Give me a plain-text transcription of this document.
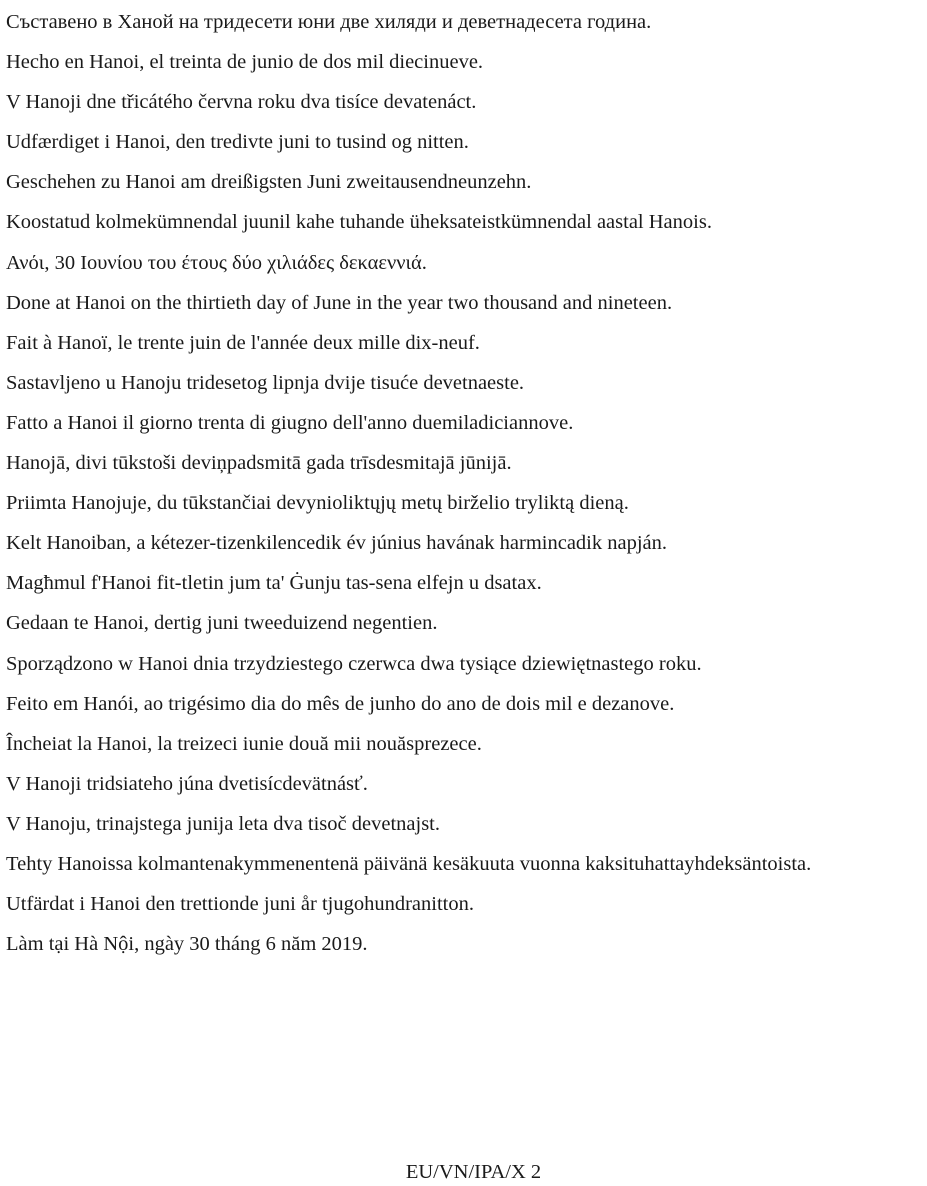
Съставено в Ханой на тридесети юни две хиляди и деветнадесета година.
Hecho en Hanoi, el treinta de junio de dos mil diecinueve.
V Hanoji dne třicátého června roku dva tisíce devatenáct.
Udfærdiget i Hanoi, den tredivte juni to tusind og nitten.
Geschehen zu Hanoi am dreißigsten Juni zweitausendneunzehn.
Koostatud kolmekümnendal juunil kahe tuhande üheksateistkümnendal aastal Hanois.
Ανόι, 30 Ιουνίου του έτους δύο χιλιάδες δεκαεννιά.
Done at Hanoi on the thirtieth day of June in the year two thousand and nineteen.
Fait à Hanoï, le trente juin de l'année deux mille dix-neuf.
Sastavljeno u Hanoju tridesetog lipnja dvije tisuće devetnaeste.
Fatto a Hanoi il giorno trenta di giugno dell'anno duemiladiciannove.
Hanojā, divi tūkstoši deviņpadsmitā gada trīsdesmitajā jūnijā.
Priimta Hanojuje, du tūkstančiai devynioliktųjų metų birželio tryliktą dieną.
Kelt Hanoiban, a kétezer-tizenkilencedik év június havának harmincadik napján.
Magħmul f'Hanoi fit-tletin jum ta' Ġunju tas-sena elfejn u dsatax.
Gedaan te Hanoi, dertig juni tweeduizend negentien.
Sporządzono w Hanoi dnia trzydziestego czerwca dwa tysiące dziewiętnastego roku.
Feito em Hanói, ao trigésimo dia do mês de junho do ano de dois mil e dezanove.
Încheiat la Hanoi, la treizeci iunie două mii nouăsprezece.
V Hanoji tridsiateho júna dvetisícdevätnásť.
V Hanoju, trinajstega junija leta dva tisoč devetnajst.
Tehty Hanoissa kolmantenakymmenentenä päivänä kesäkuuta vuonna kaksituhattayhdeksäntoista.
Utfärdat i Hanoi den trettionde juni år tjugohundranitton.
Làm tại Hà Nội, ngày 30 tháng 6 năm 2019.
EU/VN/IPA/X 2
